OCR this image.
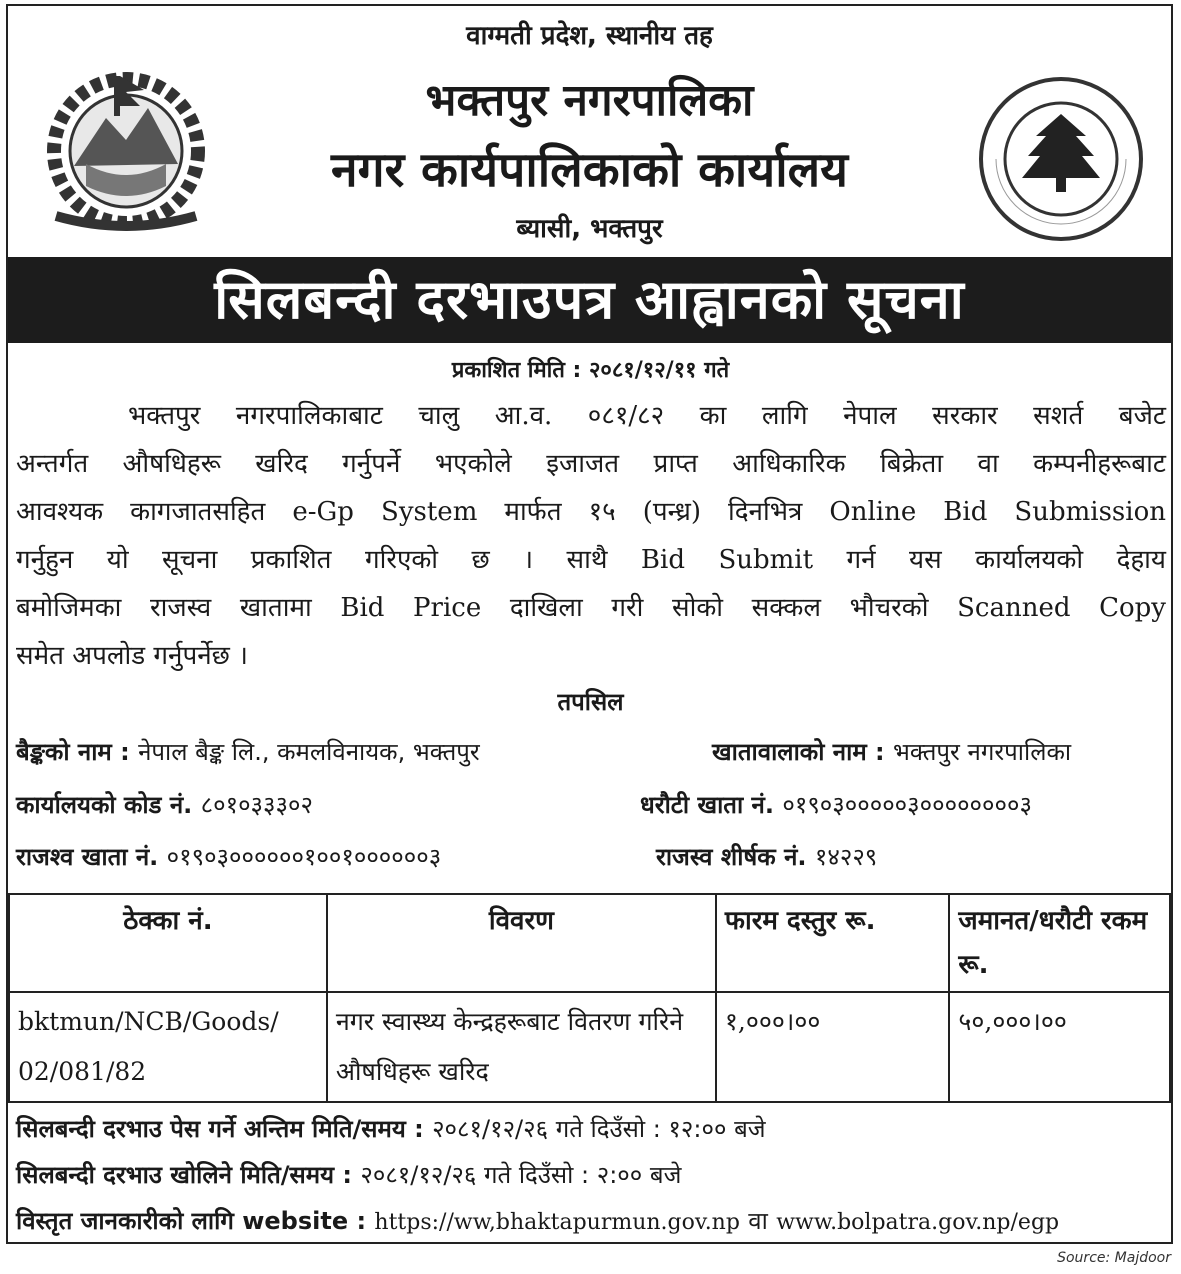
वाग्मती प्रदेश, स्थानीय तह
भक्तपुर नगरपालिका
नगर कार्यपालिकाको कार्यालय
ब्यासी, भक्तपुर
सिलबन्दी दरभाउपत्र आह्वानको सूचना
प्रकाशित मिति : २०८१/१२/११ गते
भक्तपुर नगरपालिकाबाट चालु आ.व. ०८१/८२ का लागि नेपाल सरकार सशर्त बजेट
अन्तर्गत औषधिहरू खरिद गर्नुपर्ने भएकोले इजाजत प्राप्त आधिकारिक बिक्रेता वा कम्पनीहरूबाट
आवश्यक कागजातसहित e-Gp System मार्फत १५ (पन्ध्र) दिनभित्र Online Bid Submission
गर्नुहुन यो सूचना प्रकाशित गरिएको छ । साथै Bid Submit गर्न यस कार्यालयको देहाय
बमोजिमका राजस्व खातामा Bid Price दाखिला गरी सोको सक्कल भौचरको Scanned Copy
समेत अपलोड गर्नुपर्नेछ ।
तपसिल
बैङ्कको नाम : नेपाल बैङ्क लि., कमलविनायक, भक्तपुर	खातावालाको नाम : भक्तपुर नगरपालिका
कार्यालयको कोड नं. ८०१०३३३०२	धरौटी खाता नं. ०१९०३०००००३००००००००३
राजश्व खाता नं. ०१९०३००००००१००१००००००३	राजस्व शीर्षक नं. १४२२९
ठेक्का नं.	विवरण	फारम दस्तुर रू.	जमानत/धरौटी रकम रू.
bktmun/NCB/Goods/ 02/081/82	नगर स्वास्थ्य केन्द्रहरूबाट वितरण गरिने औषधिहरू खरिद	१,०००।००	५०,०००।००
सिलबन्दी दरभाउ पेस गर्ने अन्तिम मिति/समय : २०८१/१२/२६ गते दिउँसो : १२:०० बजे
सिलबन्दी दरभाउ खोलिने मिति/समय : २०८१/१२/२६ गते दिउँसो : २:०० बजे
विस्तृत जानकारीको लागि website : https://ww,bhaktapurmun.gov.np वा www.bolpatra.gov.np/egp
Source: Majdoor
